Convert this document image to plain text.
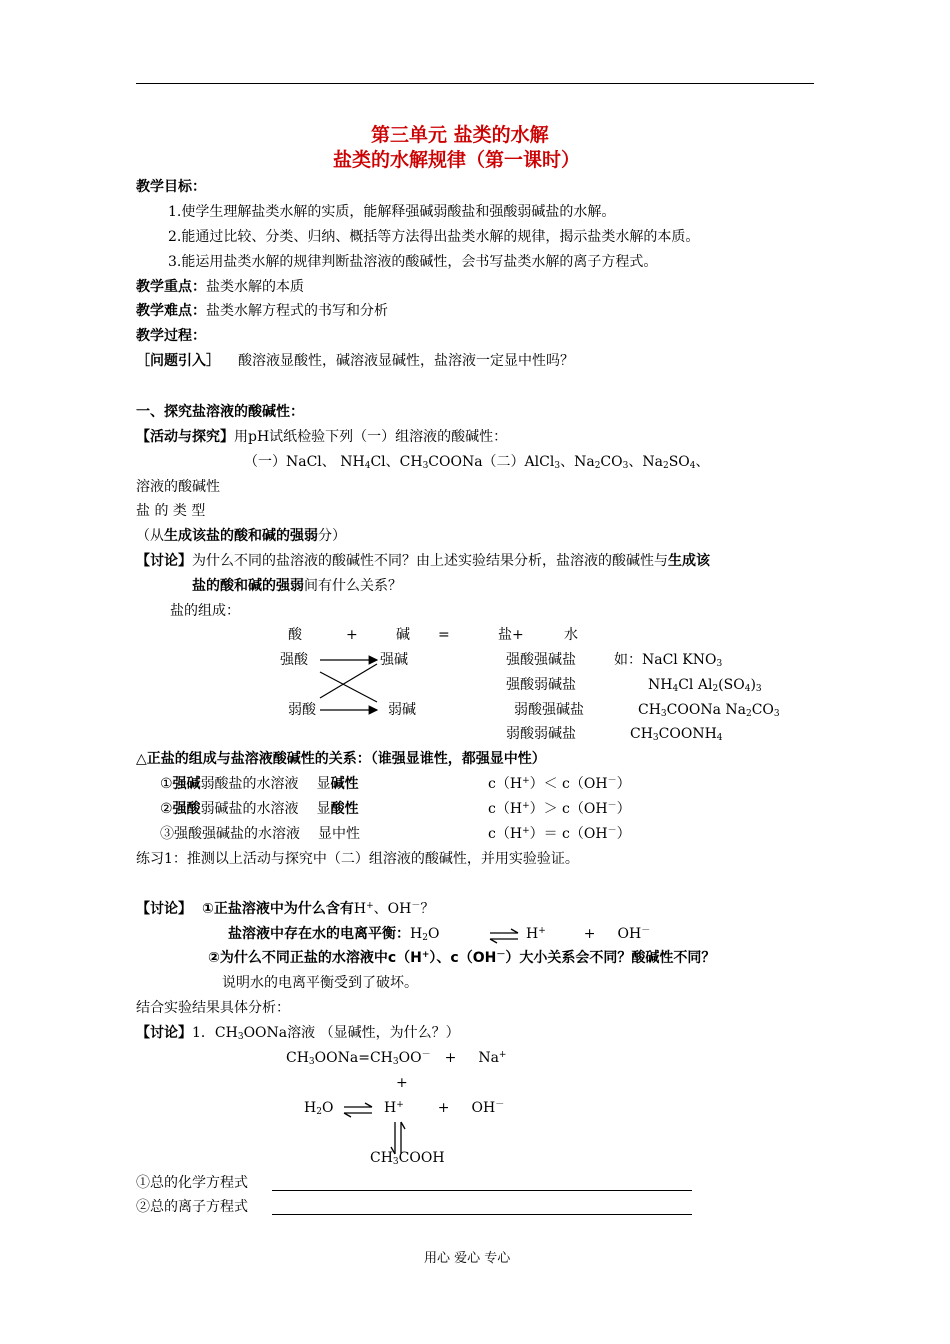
第三单元 盐类的水解
盐类的水解规律（第一课时）
教学目标：
1.使学生理解盐类水解的实质，能解释强碱弱酸盐和强酸弱碱盐的水解。
2.能通过比较、分类、归纳、概括等方法得出盐类水解的规律，揭示盐类水解的本质。
3.能运用盐类水解的规律判断盐溶液的酸碱性，会书写盐类水解的离子方程式。
教学重点：盐类水解的本质
教学难点：盐类水解方程式的书写和分析
教学过程：
［问题引入］ 酸溶液显酸性，碱溶液显碱性，盐溶液一定显中性吗？
一、探究盐溶液的酸碱性：
【活动与探究】用pH试纸检验下列（一）组溶液的酸碱性：
（一）NaCl、 $NH_4Cl$、$CH_3COONa$（二）AlCl$_3$、$Na_2CO_3$、$Na_2SO_4$、
溶液的酸碱性
盐 的 类 型
（从生成该盐的酸和碱的强弱分）
【讨论】为什么不同的盐溶液的酸碱性不同？由上述实验结果分析，盐溶液的酸碱性与生成该
盐的酸和碱的强弱间有什么关系？
盐的组成：
酸	+	碱 =	盐+	水
强酸	强碱
弱酸	弱碱
强酸强碱盐	如：NaCl $KNO_3$
强酸弱碱盐	$NH_4Cl$ $Al_2(SO_4)_3$
弱酸强碱盐	$CH_3COONa$ $Na_2CO_3$
弱酸弱碱盐	$CH_3COONH_4$
△正盐的组成与盐溶液酸碱性的关系：（谁强显谁性，都强显中性）
①强碱弱酸盐的水溶液 显碱性	c（H+）＜ c（OH－）
②强酸弱碱盐的水溶液 显酸性	c（H+）＞ c（OH－）
③强酸强碱盐的水溶液 显中性	c（H+）＝ c（OH－）
练习1：推测以上活动与探究中（二）组溶液的酸碱性，并用实验验证。
【讨论】 ①正盐溶液中为什么含有H+、OH－？
盐溶液中存在水的电离平衡：$H_2O$	⇌ H+	+ OH－
②为什么不同正盐的水溶液中c（H+）、c（OH－）大小关系会不同？酸碱性不同？
说明水的电离平衡受到了破坏。
结合实验结果具体分析：
【讨论】1．$CH_3OONa$溶液 （显碱性，为什么？）
$CH_3OONa=CH_3OO^- + Na^+$
+
$H_2O$ ⇌ H+ + OH－
$CH_3COOH$
①总的化学方程式
②总的离子方程式
用心 爱心 专心
